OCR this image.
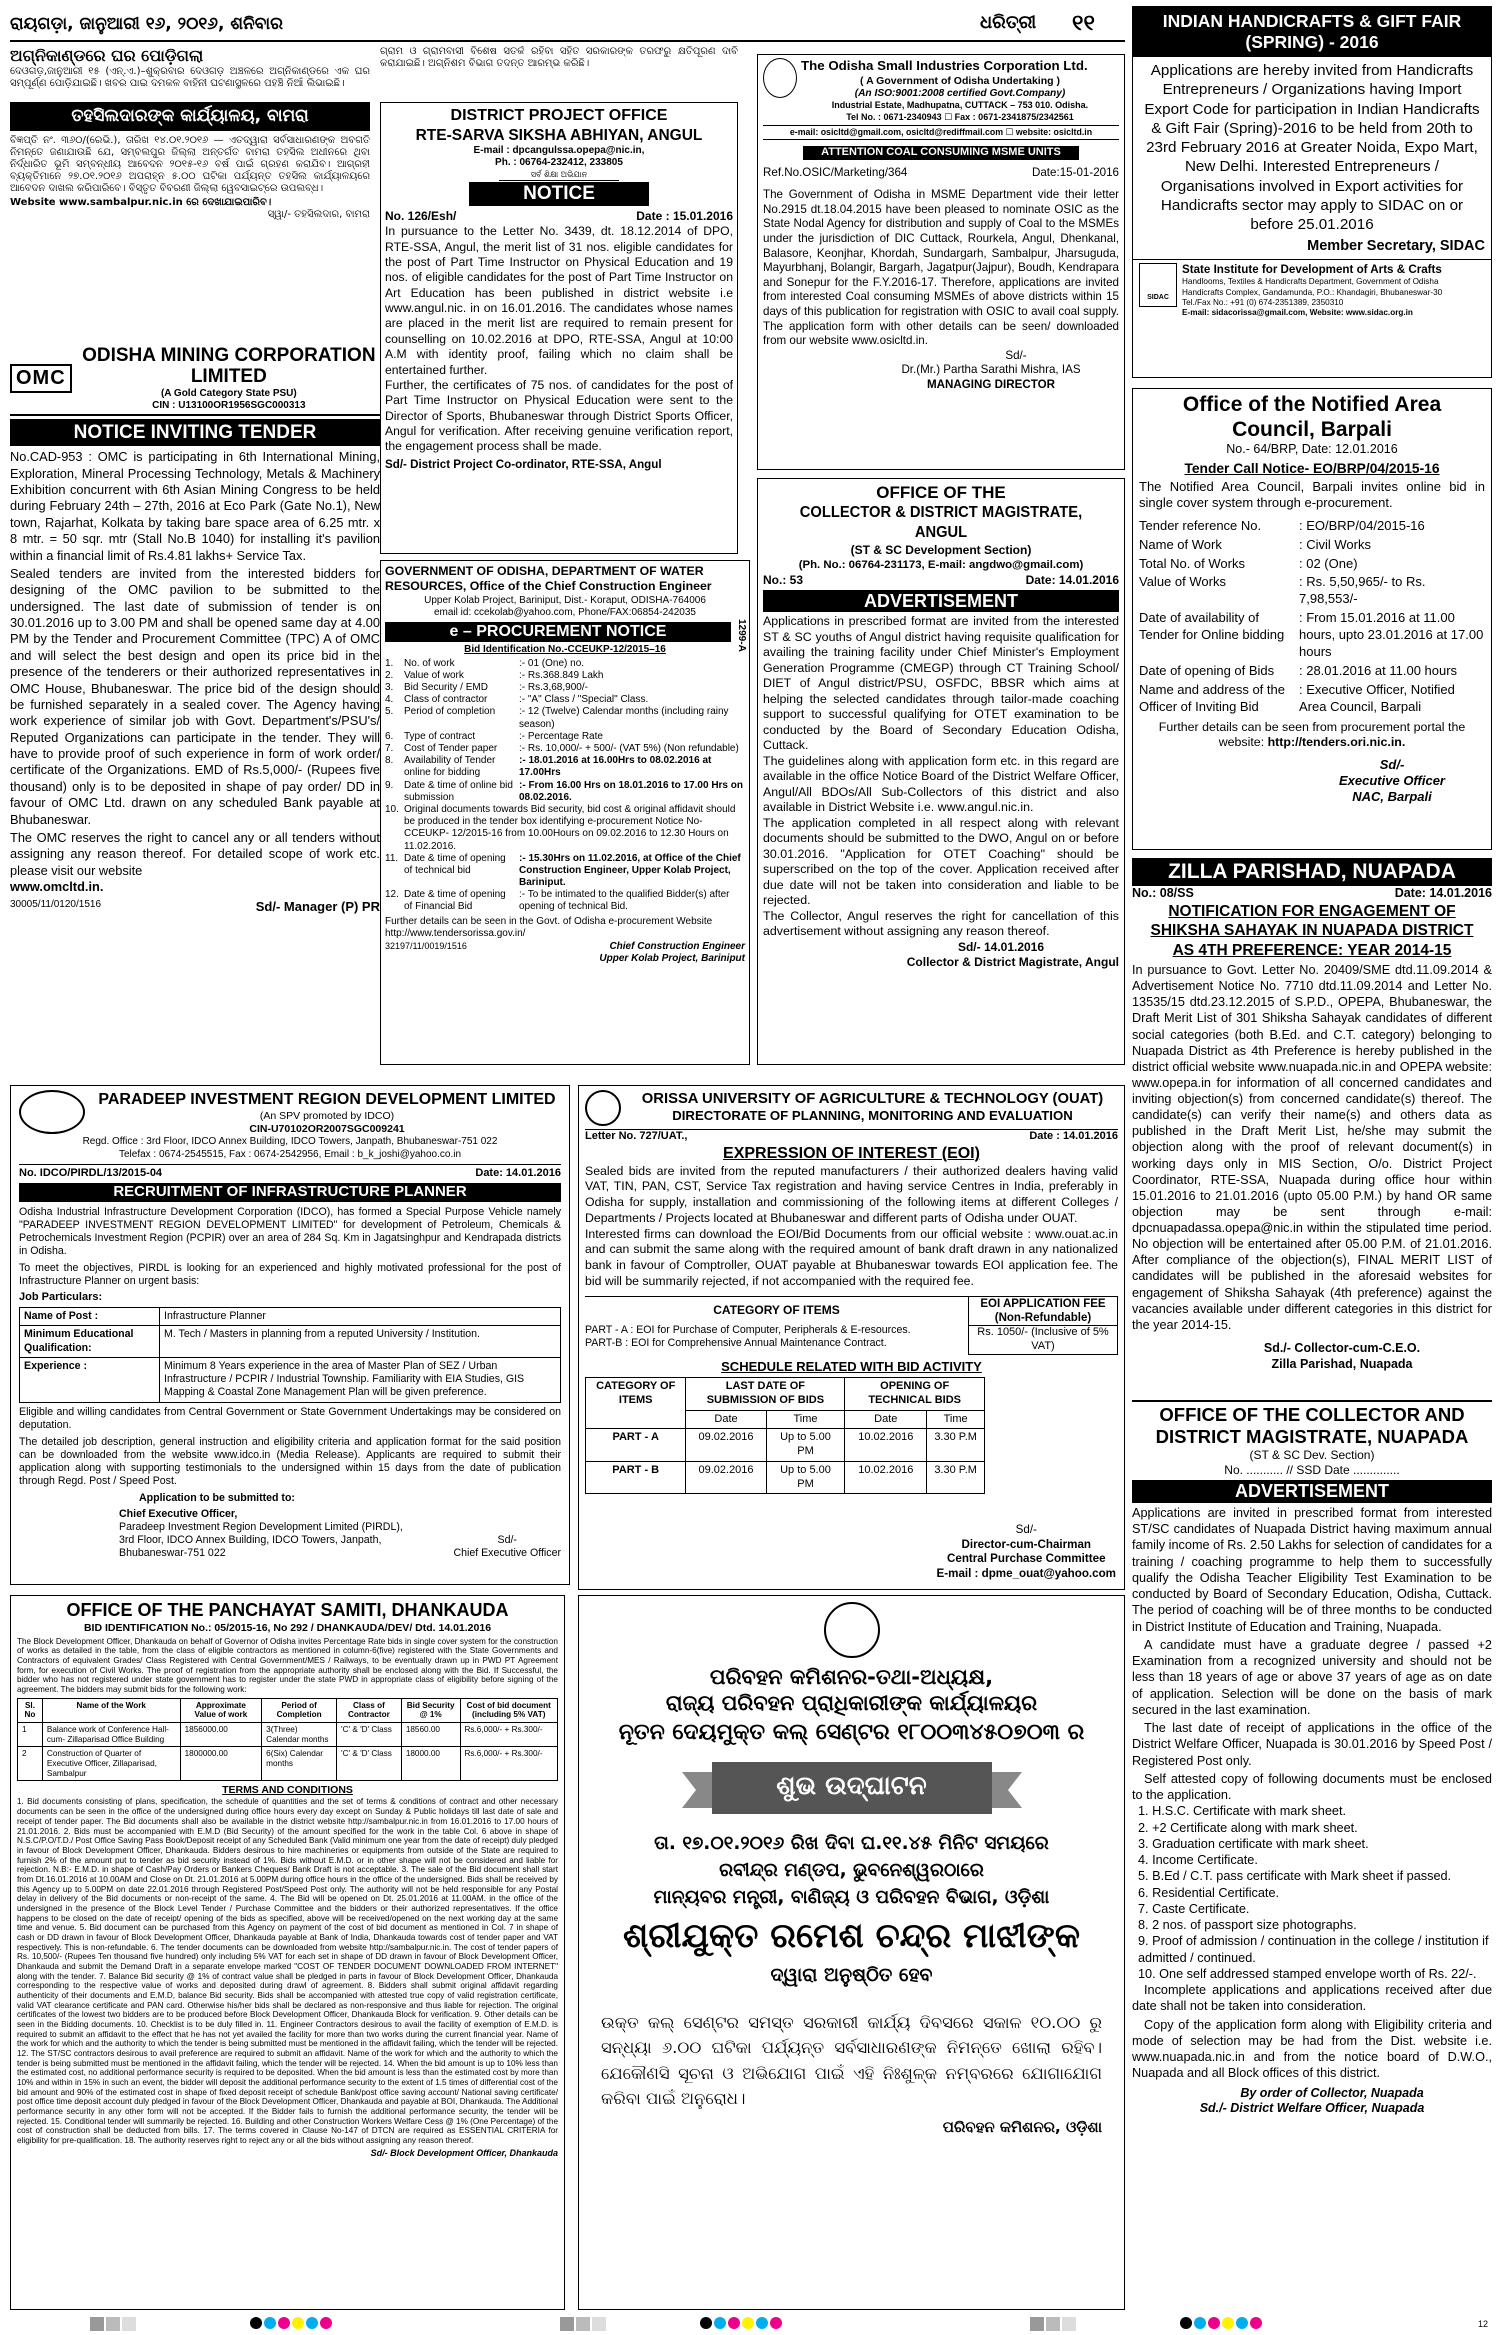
ରାୟଗଡ଼ା, ଜାନୁଆରୀ ୧୬, ୨୦୧୬, ଶନିବାର	ଧରିତ୍ରୀ ୧୧
ଅଗ୍ନିକାଣ୍ଡରେ ଘର ପୋଡ଼ିଗଲା
ଦେଓଗଡ଼,ଜାନୁଆରୀ ୧୫ (ଏନ୍‌.ଏ.)–ଶୁକ୍ରବାର ଦେଓଗଡ଼ ଅଞ୍ଚଳରେ ଅଗ୍ନିକାଣ୍ଡରେ ଏକ ଘର ସମ୍ପୂର୍ଣ୍ଣ ପୋଡ଼ିଯାଇଛି। ଖବର ପାଇ ଦମକଳ ବାହିନୀ ଘଟଣାସ୍ଥଳରେ ପହଞ୍ଚି ନିଆଁ ଲିଭାଇଛି।
ଗ୍ରାମ ଓ ଗ୍ରାମବାସୀ ବିଶେଷ ସତର୍କ ରହିବା ସହିତ ସରକାରଙ୍କ ତରଫରୁ କ୍ଷତିପୂରଣ ଦାବି କରାଯାଇଛି। ଅଗ୍ନିଶମ ବିଭାଗ ତଦନ୍ତ ଆରମ୍ଭ କରିଛି।
ତହସିଲଦାରଙ୍କ କାର୍ଯ୍ୟାଳୟ, ବାମରା
ବିଜ୍ଞପ୍ତି ନଂ. ୩୬୦/(ରେଭି.), ତାରିଖ ୧୪.୦୧.୨୦୧୬ — ଏତଦ୍ୱାରା ସର୍ବସାଧାରଣଙ୍କ ଅବଗତି ନିମନ୍ତେ ଜଣାଯାଉଛି ଯେ, ସମ୍ବଲପୁର ଜିଲ୍ଲା ଅନ୍ତର୍ଗତ ବାମରା ତହସିଲ ଅଧୀନରେ ଥିବା ନିର୍ଦ୍ଧାରିତ ଭୂମି ସମ୍ବନ୍ଧୀୟ ଆବେଦନ ୨୦୧୫-୧୬ ବର୍ଷ ପାଇଁ ଗ୍ରହଣ କରାଯିବ। ଆଗ୍ରହୀ ବ୍ୟକ୍ତିମାନେ ୨୭.୦୧.୨୦୧୬ ଅପରାହ୍ନ ୫.୦୦ ଘଟିକା ପର୍ଯ୍ୟନ୍ତ ତହସିଲ କାର୍ଯ୍ୟାଳୟରେ ଆବେଦନ ଦାଖଲ କରିପାରିବେ। ବିସ୍ତୃତ ବିବରଣୀ ଜିଲ୍ଲା ୱେବସାଇଟ୍‌ରେ ଉପଲବ୍ଧ।
Website www.sambalpur.nic.in ରେ ଦେଖାଯାଇପାରିବ।
ସ୍ୱା/- ତହସିଲଦାର, ବାମରା
OMC
ODISHA MINING CORPORATION LIMITED
(A Gold Category State PSU)
CIN : U13100OR1956SGC000313
NOTICE INVITING TENDER
No.CAD-953 : OMC is participating in 6th International Mining, Exploration, Mineral Processing Technology, Metals & Machinery Exhibition concurrent with 6th Asian Mining Congress to be held during February 24th – 27th, 2016 at Eco Park (Gate No.1), New town, Rajarhat, Kolkata by taking bare space area of 6.25 mtr. x 8 mtr. = 50 sqr. mtr (Stall No.B 1040) for installing it's pavilion within a financial limit of Rs.4.81 lakhs+ Service Tax.
Sealed tenders are invited from the interested bidders for designing of the OMC pavilion to be submitted to the undersigned. The last date of submission of tender is on 30.01.2016 up to 3.00 PM and shall be opened same day at 4.00 PM by the Tender and Procurement Committee (TPC) A of OMC and will select the best design and open its price bid in the presence of the tenderers or their authorized representatives in OMC House, Bhubaneswar. The price bid of the design should be furnished separately in a sealed cover. The Agency having work experience of similar job with Govt. Department's/PSU's/ Reputed Organizations can participate in the tender. They will have to provide proof of such experience in form of work order/ certificate of the Organizations. EMD of Rs.5,000/- (Rupees five thousand) only is to be deposited in shape of pay order/ DD in favour of OMC Ltd. drawn on any scheduled Bank payable at Bhubaneswar.
The OMC reserves the right to cancel any or all tenders without assigning any reason thereof. For detailed scope of work etc. please visit our website
www.omcltd.in.
30005/11/0120/1516	Sd/- Manager (P) PR
DISTRICT PROJECT OFFICE
RTE-SARVA SIKSHA ABHIYAN, ANGUL
E-mail : dpcangulssa.opepa@nic.in,
Ph. : 06764-232412, 233805
ସର୍ବ ଶିକ୍ଷା ଅଭିଯାନ
NOTICE
No. 126/Esh/	Date : 15.01.2016
In pursuance to the Letter No. 3439, dt. 18.12.2014 of DPO, RTE-SSA, Angul, the merit list of 31 nos. eligible candidates for the post of Part Time Instructor on Physical Education and 19 nos. of eligible candidates for the post of Part Time Instructor on Art Education has been published in district website i.e www.angul.nic. in on 16.01.2016. The candidates whose names are placed in the merit list are required to remain present for counselling on 10.02.2016 at DPO, RTE-SSA, Angul at 10:00 A.M with identity proof, failing which no claim shall be entertained further.
Further, the certificates of 75 nos. of candidates for the post of Part Time Instructor on Physical Education were sent to the Director of Sports, Bhubaneswar through District Sports Officer, Angul for verification. After receiving genuine verification report, the engagement process shall be made.
Sd/- District Project Co-ordinator, RTE-SSA, Angul
GOVERNMENT OF ODISHA, DEPARTMENT OF WATER
RESOURCES, Office of the Chief Construction Engineer
Upper Kolab Project, Bariniput, Dist.- Koraput, ODISHA-764006
email id: ccekolab@yahoo.com, Phone/FAX:06854-242035
1299-A
e – PROCUREMENT NOTICE
Bid Identification No.-CCEUKP-12/2015–16
1.	No. of work	:- 01 (One) no.
2.	Value of work	:- Rs.368.849 Lakh
3.	Bid Security / EMD	:- Rs.3,68,900/-
4.	Class of contractor	:- "A" Class / "Special" Class.
5.	Period of completion	:- 12 (Twelve) Calendar months (including rainy season)
6.	Type of contract	:- Percentage Rate
7.	Cost of Tender paper	:- Rs. 10,000/- + 500/- (VAT 5%) (Non refundable)
8.	Availability of Tender online for bidding
:- 18.01.2016 at 16.00Hrs to 08.02.2016 at 17.00Hrs
9.	Date & time of online bid submission
:- From 16.00 Hrs on 18.01.2016 to 17.00 Hrs on 08.02.2016.
10. Original documents towards Bid security, bid cost & original affidavit should be produced in the tender box identifying e-procurement Notice No- CCEUKP- 12/2015-16 from 10.00Hours on 09.02.2016 to 12.30 Hours on 11.02.2016.
11. Date & time of opening of technical bid
:- 15.30Hrs on 11.02.2016, at Office of the Chief Construction Engineer, Upper Kolab Project, Bariniput.
12. Date & time of opening of Financial Bid
:- To be intimated to the qualified Bidder(s) after opening of technical Bid.
Further details can be seen in the Govt. of Odisha e-procurement Website http://www.tendersorissa.gov.in/
32197/11/0019/1516	Chief Construction Engineer
Upper Kolab Project, Bariniput
The Odisha Small Industries Corporation Ltd.
( A Government of Odisha Undertaking )
(An ISO:9001:2008 certified Govt.Company)
Industrial Estate, Madhupatna, CUTTACK – 753 010. Odisha.
Tel No. : 0671-2340943 ☐ Fax : 0671-2341875/2342561
e-mail: osicltd@gmail.com, osicltd@rediffmail.com ☐ website: osicltd.in
ATTENTION COAL CONSUMING MSME UNITS
Ref.No.OSIC/Marketing/364	Date:15-01-2016
The Government of Odisha in MSME Department vide their letter No.2915 dt.18.04.2015 have been pleased to nominate OSIC as the State Nodal Agency for distribution and supply of Coal to the MSMEs under the jurisdiction of DIC Cuttack, Rourkela, Angul, Dhenkanal, Balasore, Keonjhar, Khordah, Sundargarh, Sambalpur, Jharsuguda, Mayurbhanj, Bolangir, Bargarh, Jagatpur(Jajpur), Boudh, Kendrapara and Sonepur for the F.Y.2016-17. Therefore, applications are invited from interested Coal consuming MSMEs of above districts within 15 days of this publication for registration with OSIC to avail coal supply. The application form with other details can be seen/ downloaded from our website www.osicltd.in.
Sd/-
Dr.(Mr.) Partha Sarathi Mishra, IAS
MANAGING DIRECTOR
OFFICE OF THE
COLLECTOR & DISTRICT MAGISTRATE, ANGUL
(ST & SC Development Section)
(Ph. No.: 06764-231173, E-mail: angdwo@gmail.com)
No.: 53	Date: 14.01.2016
ADVERTISEMENT
Applications in prescribed format are invited from the interested ST & SC youths of Angul district having requisite qualification for availing the training facility under Chief Minister's Employment Generation Programme (CMEGP) through CT Training School/ DIET of Angul district/PSU, OSFDC, BBSR which aims at helping the selected candidates through tailor-made coaching support to successful qualifying for OTET examination to be conducted by the Board of Secondary Education Odisha, Cuttack.
The guidelines along with application form etc. in this regard are available in the office Notice Board of the District Welfare Officer, Angul/All BDOs/All Sub-Collectors of this district and also available in District Website i.e. www.angul.nic.in.
The application completed in all respect along with relevant documents should be submitted to the DWO, Angul on or before 30.01.2016. "Application for OTET Coaching" should be superscribed on the top of the cover. Application received after due date will not be taken into consideration and liable to be rejected.
The Collector, Angul reserves the right for cancellation of this advertisement without assigning any reason thereof.
Sd/- 14.01.2016
Collector & District Magistrate, Angul
INDIAN HANDICRAFTS & GIFT FAIR (SPRING) - 2016
Applications are hereby invited from Handicrafts Entrepreneurs / Organizations having Import Export Code for participation in Indian Handicrafts & Gift Fair (Spring)-2016 to be held from 20th to 23rd February 2016 at Greater Noida, Expo Mart, New Delhi. Interested Entrepreneurs / Organisations involved in Export activities for Handicrafts sector may apply to SIDAC on or before 25.01.2016
Member Secretary, SIDAC
SIDAC
State Institute for Development of Arts & Crafts
Handlooms, Textiles & Handicrafts Department, Government of Odisha
Handicrafts Complex, Gandamunda, P.O.: Khandagiri, Bhubaneswar-30
Tel./Fax No.: +91 (0) 674-2351389, 2350310
E-mail: sidacorissa@gmail.com, Website: www.sidac.org.in
Office of the Notified Area Council, Barpali
No.- 64/BRP, Date: 12.01.2016
Tender Call Notice- EO/BRP/04/2015-16
The Notified Area Council, Barpali invites online bid in single cover system through e-procurement.
Tender reference No.	: EO/BRP/04/2015-16
Name of Work	: Civil Works
Total No. of Works	: 02 (One)
Value of Works	: Rs. 5,50,965/- to Rs. 7,98,553/-
Date of availability of Tender for Online bidding
: From 15.01.2016 at 11.00 hours, upto 23.01.2016 at 17.00 hours
Date of opening of Bids	: 28.01.2016 at 11.00 hours
Name and address of the Officer of Inviting Bid
: Executive Officer, Notified Area Council, Barpali
Further details can be seen from procurement portal the website: http://tenders.ori.nic.in.
Sd/-
Executive Officer
NAC, Barpali
ZILLA PARISHAD, NUAPADA
No.: 08/SS	Date: 14.01.2016
NOTIFICATION FOR ENGAGEMENT OF
SHIKSHA SAHAYAK IN NUAPADA DISTRICT
AS 4TH PREFERENCE: YEAR 2014-15
In pursuance to Govt. Letter No. 20409/SME dtd.11.09.2014 & Advertisement Notice No. 7710 dtd.11.09.2014 and Letter No. 13535/15 dtd.23.12.2015 of S.P.D., OPEPA, Bhubaneswar, the Draft Merit List of 301 Shiksha Sahayak candidates of different social categories (both B.Ed. and C.T. category) belonging to Nuapada District as 4th Preference is hereby published in the district official website www.nuapada.nic.in and OPEPA website: www.opepa.in for information of all concerned candidates and inviting objection(s) from concerned candidate(s) thereof. The candidate(s) can verify their name(s) and others data as published in the Draft Merit List, he/she may submit the objection along with the proof of relevant document(s) in working days only in MIS Section, O/o. District Project Coordinator, RTE-SSA, Nuapada during office hour within 15.01.2016 to 21.01.2016 (upto 05.00 P.M.) by hand OR same objection may be sent through e-mail: dpcnuapadassa.opepa@nic.in within the stipulated time period. No objection will be entertained after 05.00 P.M. of 21.01.2016. After compliance of the objection(s), FINAL MERIT LIST of candidates will be published in the aforesaid websites for engagement of Shiksha Sahayak (4th preference) against the vacancies available under different categories in this district for the year 2014-15.
Sd./- Collector-cum-C.E.O.
Zilla Parishad, Nuapada
PARADEEP INVESTMENT REGION DEVELOPMENT LIMITED
(An SPV promoted by IDCO)
CIN-U70102OR2007SGC009241
Regd. Office : 3rd Floor, IDCO Annex Building, IDCO Towers, Janpath, Bhubaneswar-751 022
Telefax : 0674-2545515, Fax : 0674-2542956, Email : b_k_joshi@yahoo.co.in
No. IDCO/PIRDL/13/2015-04	Date: 14.01.2016
RECRUITMENT OF INFRASTRUCTURE PLANNER
Odisha Industrial Infrastructure Development Corporation (IDCO), has formed a Special Purpose Vehicle namely "PARADEEP INVESTMENT REGION DEVELOPMENT LIMITED" for development of Petroleum, Chemicals & Petrochemicals Investment Region (PCPIR) over an area of 284 Sq. Km in Jagatsinghpur and Kendrapada districts in Odisha.
To meet the objectives, PIRDL is looking for an experienced and highly motivated professional for the post of Infrastructure Planner on urgent basis:
Job Particulars:
Name of Post :	Infrastructure Planner
Minimum Educational Qualification:	M. Tech / Masters in planning from a reputed University / Institution.
Experience :	Minimum 8 Years experience in the area of Master Plan of SEZ / Urban Infrastructure / PCPIR / Industrial Township. Familiarity with EIA Studies, GIS Mapping & Coastal Zone Management Plan will be given preference.
Eligible and willing candidates from Central Government or State Government Undertakings may be considered on deputation.
The detailed job description, general instruction and eligibility criteria and application format for the said position can be downloaded from the website www.idco.in (Media Release). Applicants are required to submit their application along with supporting testimonials to the undersigned within 15 days from the date of publication through Regd. Post / Speed Post.
Application to be submitted to:
Chief Executive Officer,
Paradeep Investment Region Development Limited (PIRDL),
3rd Floor, IDCO Annex Building, IDCO Towers, Janpath,
Bhubaneswar-751 022
Sd/-
Chief Executive Officer
ORISSA UNIVERSITY OF AGRICULTURE & TECHNOLOGY (OUAT)
DIRECTORATE OF PLANNING, MONITORING AND EVALUATION
Letter No. 727/UAT.,	Date : 14.01.2016
EXPRESSION OF INTEREST (EOI)
Sealed bids are invited from the reputed manufacturers / their authorized dealers having valid VAT, TIN, PAN, CST, Service Tax registration and having service Centres in India, preferably in Odisha for supply, installation and commissioning of the following items at different Colleges / Departments / Projects located at Bhubaneswar and different parts of Odisha under OUAT.
Interested firms can download the EOI/Bid Documents from our official website : www.ouat.ac.in and can submit the same along with the required amount of bank draft drawn in any nationalized bank in favour of Comptroller, OUAT payable at Bhubaneswar towards EOI application fee. The bid will be summarily rejected, if not accompanied with the required fee.
CATEGORY OF ITEMS
PART - A : EOI for Purchase of Computer, Peripherals & E-resources.
PART-B : EOI for Comprehensive Annual Maintenance Contract.
EOI APPLICATION FEE (Non-Refundable)
Rs. 1050/- (Inclusive of 5% VAT)
SCHEDULE RELATED WITH BID ACTIVITY
CATEGORY OF ITEMS	LAST DATE OF SUBMISSION OF BIDS		OPENING OF TECHNICAL BIDS	
	Date	Time	Date	Time
PART - A	09.02.2016	Up to 5.00 PM	10.02.2016	3.30 P.M
PART - B	09.02.2016	Up to 5.00 PM	10.02.2016	3.30 P.M
Sd/-
Director-cum-Chairman
Central Purchase Committee
E-mail : dpme_ouat@yahoo.com
OFFICE OF THE COLLECTOR AND DISTRICT MAGISTRATE, NUAPADA
(ST & SC Dev. Section)
No. ........... // SSD Date ..............
ADVERTISEMENT
Applications are invited in prescribed format from interested ST/SC candidates of Nuapada District having maximum annual family income of Rs. 2.50 Lakhs for selection of candidates for a training / coaching programme to help them to successfully qualify the Odisha Teacher Eligibility Test Examination to be conducted by Board of Secondary Education, Odisha, Cuttack. The period of coaching will be of three months to be conducted in District Institute of Education and Training, Nuapada.
A candidate must have a graduate degree / passed +2 Examination from a recognized university and should not be less than 18 years of age or above 37 years of age as on date of application. Selection will be done on the basis of mark secured in the last examination.
The last date of receipt of applications in the office of the District Welfare Officer, Nuapada is 30.01.2016 by Speed Post / Registered Post only.
Self attested copy of following documents must be enclosed to the application.
1. H.S.C. Certificate with mark sheet.
2. +2 Certificate along with mark sheet.
3. Graduation certificate with mark sheet.
4. Income Certificate.
5. B.Ed / C.T. pass certificate with Mark sheet if passed.
6. Residential Certificate.
7. Caste Certificate.
8. 2 nos. of passport size photographs.
9. Proof of admission / continuation in the college / institution if admitted / continued.
10. One self addressed stamped envelope worth of Rs. 22/-.
Incomplete applications and applications received after due date shall not be taken into consideration.
Copy of the application form along with Eligibility criteria and mode of selection may be had from the Dist. website i.e. www.nuapada.nic.in and from the notice board of D.W.O., Nuapada and all Block offices of this district.
By order of Collector, Nuapada
Sd./- District Welfare Officer, Nuapada
OFFICE OF THE PANCHAYAT SAMITI, DHANKAUDA
BID IDENTIFICATION No.: 05/2015-16, No 292 / DHANKAUDA/DEV/ Dtd. 14.01.2016
The Block Development Officer, Dhankauda on behalf of Governor of Odisha invites Percentage Rate bids in single cover system for the construction of works as detailed in the table, from the class of eligible contractors as mentioned in column-6(five) registered with the State Governments and Contractors of equivalent Grades/ Class Registered with Central Government/MES / Railways, to be eventually drawn up in PWD PT Agreement form, for execution of Civil Works. The proof of registration from the appropriate authority shall be enclosed along with the Bid. If Successful, the bidder who has not registered under state government has to register under the state PWD in appropriate class of eligibility before signing of the agreement. The bidders may submit bids for the following work:
Sl. No	Name of the Work	Approximate Value of work	Period of Completion	Class of Contractor	Bid Security @ 1%	Cost of bid document (including 5% VAT)
1	Balance work of Conference Hall-cum- Zillaparisad Office Building	1856000.00	3(Three) Calendar months	'C' & 'D' Class	18560.00	Rs.6,000/- + Rs.300/-
2	Construction of Quarter of Executive Officer, Zillaparisad, Sambalpur	1800000.00	6(Six) Calendar months	'C' & 'D' Class	18000.00	Rs.6,000/- + Rs.300/-
TERMS AND CONDITIONS
1. Bid documents consisting of plans, specification, the schedule of quantities and the set of terms & conditions of contract and other necessary documents can be seen in the office of the undersigned during office hours every day except on Sunday & Public holidays till last date of sale and receipt of tender paper. The Bid documents shall also be available in the district website http://sambalpur.nic.in from 16.01.2016 to 17.00 hours of 21.01.2016. 2. Bids must be accompanied with E.M.D (Bid Security) of the amount specified for the work in the table Col. 6 above in shape of N.S.C/P.O/T.D./ Post Office Saving Pass Book/Deposit receipt of any Scheduled Bank (Valid minimum one year from the date of receipt) duly pledged in favour of Block Development Officer, Dhankauda. Bidders desirous to hire machineries or equipments from outside of the State are required to furnish 2% of the amount put to tender as bid security instead of 1%. Bids without E.M.D. or in other shape will not be considered and liable for rejection. N.B:- E.M.D. in shape of Cash/Pay Orders or Bankers Cheques/ Bank Draft is not acceptable. 3. The sale of the Bid document shall start from Dt.16.01.2016 at 10.00AM and Close on Dt. 21.01.2016 at 5.00PM during office hours in the office of the undersigned. Bids shall be received by this Agency up to 5.00PM on date 22.01.2016 through Registered Post/Speed Post only. The authority will not be held responsible for any Postal delay in delivery of the Bid documents or non-receipt of the same. 4. The Bid will be opened on Dt. 25.01.2016 at 11.00AM. in the office of the undersigned in the presence of the Block Level Tender / Purchase Committee and the bidders or their authorized representatives. If the office happens to be closed on the date of receipt/ opening of the bids as specified, above will be received/opened on the next working day at the same time and venue. 5. Bid document can be purchased from this Agency on payment of the cost of bid document as mentioned in Col. 7 in shape of cash or DD drawn in favour of Block Development Officer, Dhankauda payable at Bank of India, Dhankauda towards cost of tender paper and VAT respectively. This is non-refundable. 6. The tender documents can be downloaded from website http://sambalpur.nic.in. The cost of tender papers of Rs. 10,500/- (Rupees Ten thousand five hundred) only including 5% VAT for each set in shape of DD drawn in favour of Block Development Officer, Dhankauda and submit the Demand Draft in a separate envelope marked "COST OF TENDER DOCUMENT DOWNLOADED FROM INTERNET" along with the tender. 7. Balance Bid security @ 1% of contract value shall be pledged in parts in favour of Block Development Officer, Dhankauda corresponding to the respective value of works and deposited during drawl of agreement. 8. Bidders shall submit original affidavit regarding authenticity of their documents and E.M.D, balance Bid security. Bids shall be accompanied with attested true copy of valid registration certificate, valid VAT clearance certificate and PAN card. Otherwise his/her bids shall be declared as non-responsive and thus liable for rejection. The original certificates of the lowest two bidders are to be produced before Block Development Officer, Dhankauda Block for verification. 9. Other details can be seen in the Bidding documents. 10. Checklist is to be duly filled in. 11. Engineer Contractors desirous to avail the facility of exemption of E.M.D. is required to submit an affidavit to the effect that he has not yet availed the facility for more than two works during the current financial year. Name of the work for which and the authority to which the tender is being submitted must be mentioned in the affidavit failing, which the tender will be rejected. 12. The ST/SC contractors desirous to avail preference are required to submit an affidavit. Name of the work for which and the authority to which the tender is being submitted must be mentioned in the affidavit failing, which the tender will be rejected. 14. When the bid amount is up to 10% less than the estimated cost, no additional performance security is required to be deposited. When the bid amount is less than the estimated cost by more than 10% and within in 15% in such an event, the bidder will deposit the additional performance security to the extent of 1.5 times of differential cost of the bid amount and 90% of the estimated cost in shape of fixed deposit receipt of schedule Bank/post office saving account/ National saving certificate/ post office time deposit account duly pledged in favour of the Block Development Officer, Dhankauda and payable at BOI, Dhankauda. The Additional performance security in any other form will not be accepted. If the Bidder fails to furnish the additional performance security, the tender will be rejected. 15. Conditional tender will summarily be rejected. 16. Building and other Construction Workers Welfare Cess @ 1% (One Percentage) of the cost of construction shall be deducted from bills. 17. The terms covered in Clause No-147 of DTCN are required as ESSENTIAL CRITERIA for eligibility for pre-qualification. 18. The authority reserves right to reject any or all the bids without assigning any reason thereof.
Sd/- Block Development Officer, Dhankauda
ପରିବହନ କମିଶନର-ତଥା-ଅଧ୍ୟକ୍ଷ,
ରାଜ୍ୟ ପରିବହନ ପ୍ରାଧିକାରୀଙ୍କ କାର୍ଯ୍ୟାଳୟର
ନୂତନ ଦେୟମୁକ୍ତ କଲ୍ ସେଣ୍ଟର ୧୮୦୦୩୪୫୦୭୦୩ ର
ଶୁଭ ଉଦ୍‌ଘାଟନ
ତା. ୧୭.୦୧.୨୦୧୬ ରିଖ ଦିବା ଘ.୧୧.୪୫ ମିନିଟ ସମୟରେ
ରବୀନ୍ଦ୍ର ମଣ୍ଡପ, ଭୁବନେଶ୍ୱରଠାରେ
ମାନ୍ୟବର ମନ୍ତ୍ରୀ, ବାଣିଜ୍ୟ ଓ ପରିବହନ ବିଭାଗ, ଓଡ଼ିଶା
ଶ୍ରୀଯୁକ୍ତ ରମେଶ ଚନ୍ଦ୍ର ମାଝୀଙ୍କ
ଦ୍ୱାରା ଅନୁଷ୍ଠିତ ହେବ
ଉକ୍ତ କଲ୍ ସେଣ୍ଟର ସମସ୍ତ ସରକାରୀ କାର୍ଯ୍ୟ ଦିବସରେ ସକାଳ ୧୦.୦୦ ରୁ ସନ୍ଧ୍ୟା ୬.୦୦ ଘଟିକା ପର୍ଯ୍ୟନ୍ତ ସର୍ବସାଧାରଣଙ୍କ ନିମନ୍ତେ ଖୋଲା ରହିବ। ଯେକୌଣସି ସୂଚନା ଓ ଅଭିଯୋଗ ପାଇଁ ଏହି ନିଃଶୁଳ୍କ ନମ୍ବରରେ ଯୋଗାଯୋଗ କରିବା ପାଇଁ ଅନୁରୋଧ।
ପରିବହନ କମିଶନର, ଓଡ଼ିଶା
12
